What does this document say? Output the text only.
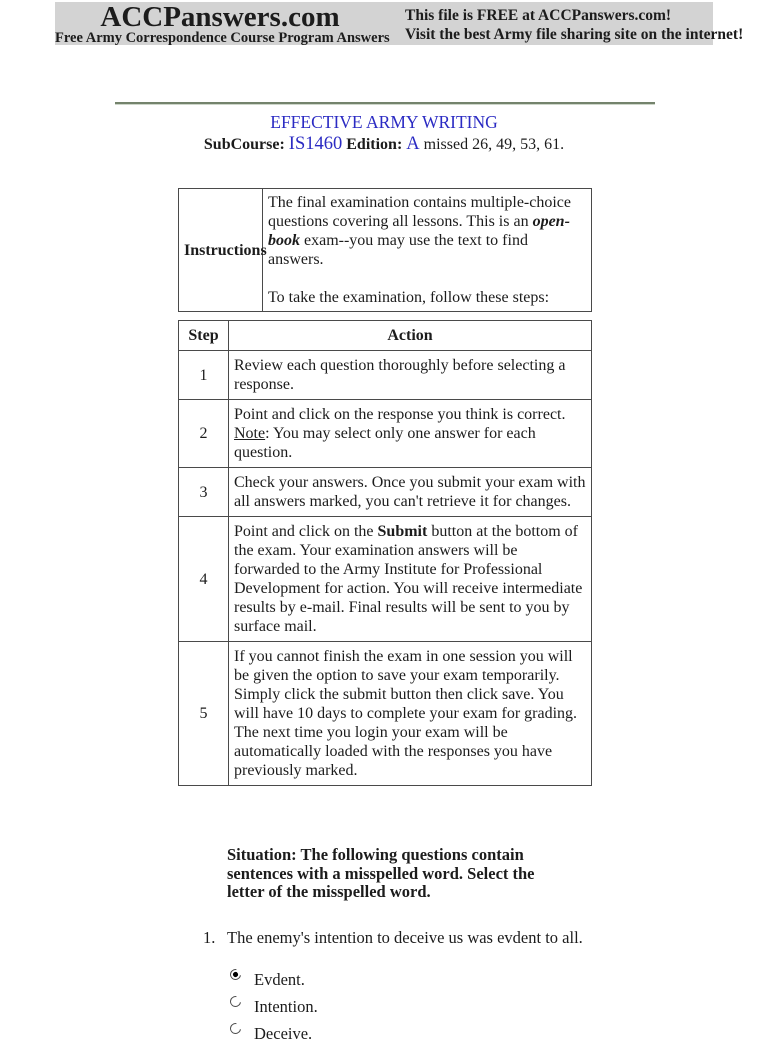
ACCPanswers.com
Free Army Correspondence Course Program Answers
This file is FREE at ACCPanswers.com!
Visit the best Army file sharing site on the internet!
EFFECTIVE ARMY WRITING

SubCourse: IS1460 Edition: A missed 26, 49, 53, 61.

Instructions	

The final examination contains multiple-choice questions covering all lessons. This is an open-book exam--you may use the text to find answers.

To take the examination, follow these steps:

Step	Action
1	Review each question thoroughly before selecting a response.
2	Point and click on the response you think is correct.
Note: You may select only one answer for each question.
3	Check your answers. Once you submit your exam with all answers marked, you can't retrieve it for changes.
4	Point and click on the Submit button at the bottom of the exam. Your examination answers will be forwarded to the Army Institute for Professional Development for action. You will receive intermediate results by e-mail. Final results will be sent to you by surface mail.
5	If you cannot finish the exam in one session you will be given the option to save your exam temporarily. Simply click the submit button then click save. You will have 10 days to complete your exam for grading. The next time you login your exam will be automatically loaded with the responses you have previously marked.

Situation: The following questions contain sentences with a misspelled word. Select the letter of the misspelled word.

1. The enemy's intention to deceive us was evdent to all.
Evdent.
Intention.
Deceive.
